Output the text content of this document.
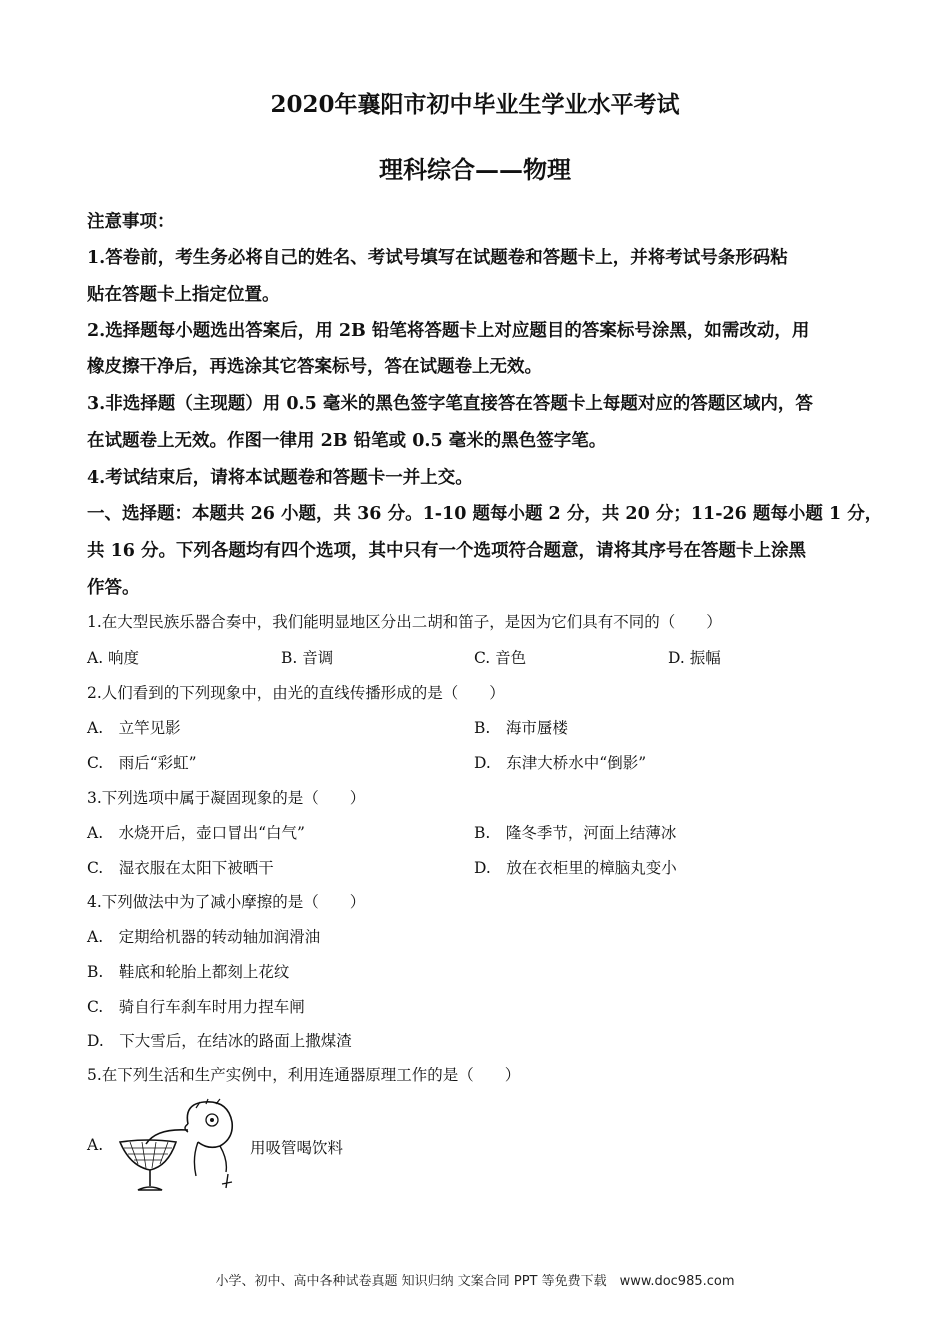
2020年襄阳市初中毕业生学业水平考试
理科综合——物理
注意事项：
1.答卷前，考生务必将自己的姓名、考试号填写在试题卷和答题卡上，并将考试号条形码粘
贴在答题卡上指定位置。
2.选择题每小题选出答案后，用 2B 铅笔将答题卡上对应题目的答案标号涂黑，如需改动，用
橡皮擦干净后，再选涂其它答案标号，答在试题卷上无效。
3.非选择题（主现题）用 0.5 毫米的黑色签字笔直接答在答题卡上每题对应的答题区域内，答
在试题卷上无效。作图一律用 2B 铅笔或 0.5 毫米的黑色签字笔。
4.考试结束后，请将本试题卷和答题卡一并上交。
一、选择题：本题共 26 小题，共 36 分。1-10 题每小题 2 分，共 20 分；11-26 题每小题 1 分，
共 16 分。下列各题均有四个选项，其中只有一个选项符合题意，请将其序号在答题卡上涂黑
作答。
1.在大型民族乐器合奏中，我们能明显地区分出二胡和笛子，是因为它们具有不同的（　　）
A. 响度	B. 音调	C. 音色	D. 振幅
2.人们看到的下列现象中，由光的直线传播形成的是（　　）
A.　立竿见影	B.　海市蜃楼
C.　雨后“彩虹”	D.　东津大桥水中“倒影”
3.下列选项中属于凝固现象的是（　　）
A.　水烧开后，壶口冒出“白气”	B.　隆冬季节，河面上结薄冰
C.　湿衣服在太阳下被晒干	D.　放在衣柜里的樟脑丸变小
4.下列做法中为了减小摩擦的是（　　）
A.　定期给机器的转动轴加润滑油
B.　鞋底和轮胎上都刻上花纹
C.　骑自行车刹车时用力捏车闸
D.　下大雪后，在结冰的路面上撒煤渣
5.在下列生活和生产实例中，利用连通器原理工作的是（　　）
A.	用吸管喝饮料
小学、初中、高中各种试卷真题 知识归纳 文案合同 PPT 等免费下载　www.doc985.com
